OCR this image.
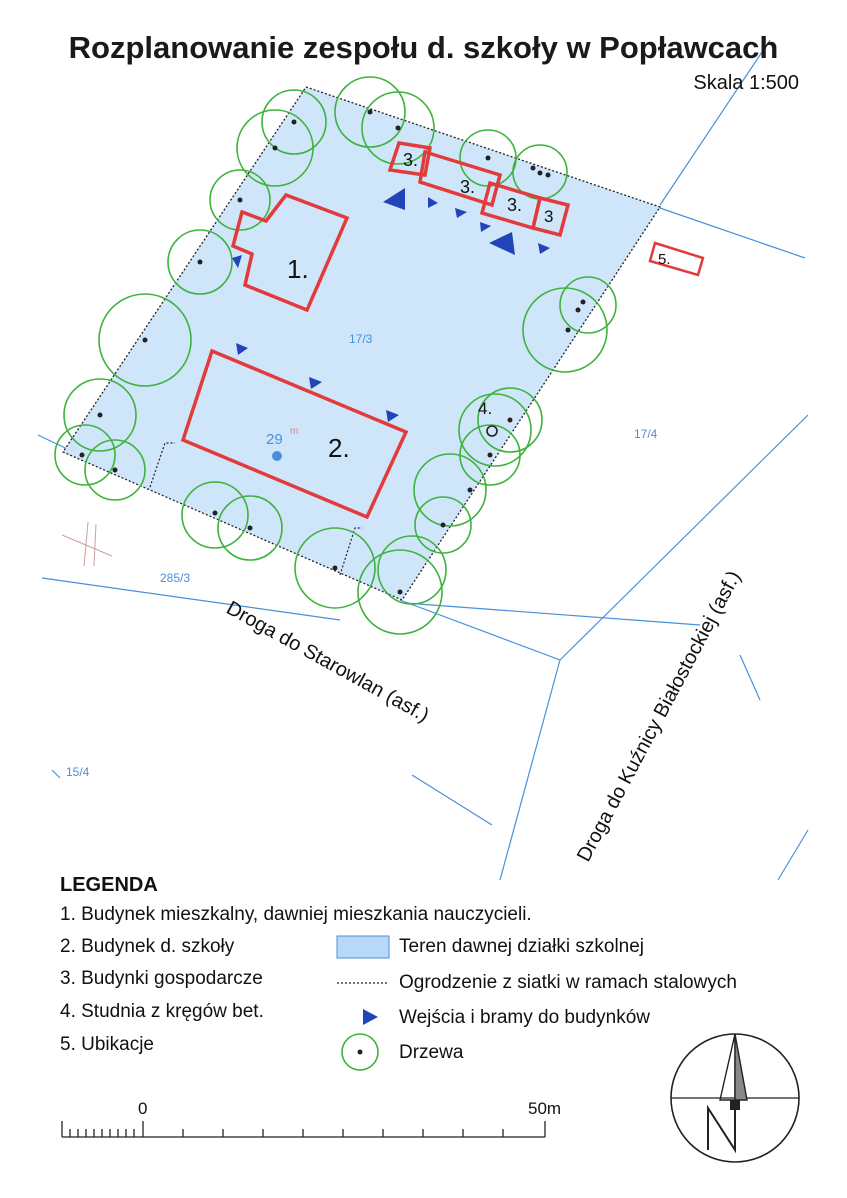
1.
2.
3.
3.
3.
3
5.
4.
29 m
17/3
17/4
285/3
15/4
Droga do Starowlan (asf.)	Droga do Kuźnicy Białostockiej (asf.)
0	50m
Rozplanowanie zespołu d. szkoły w Popławcach
Skala 1:500
LEGENDA
1. Budynek mieszkalny, dawniej mieszkania nauczycieli.
2. Budynek d. szkoły
3. Budynki gospodarcze
4. Studnia z kręgów bet.
5. Ubikacje
Teren dawnej działki szkolnej
Ogrodzenie z siatki w ramach stalowych
Wejścia i bramy do budynków
Drzewa
